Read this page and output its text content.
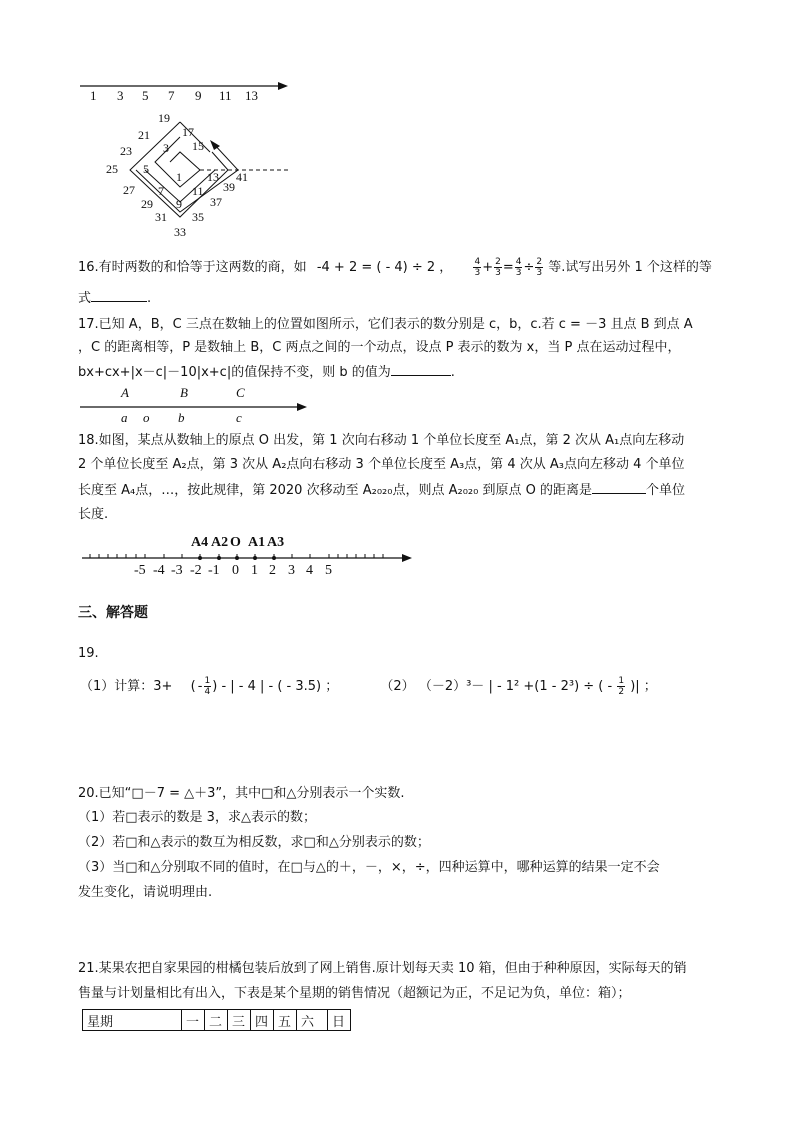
1 3 5 7 9 11 13
19
17
21
23	15
3
25 5
1 13 41
27 7 11 39
29 9 37
31 35
33
16.有时两数的和恰等于这两数的商，如 -4 + 2 = ( - 4) ÷ 2 ， $\frac{4}{3} + \frac{2}{3} = \frac{4}{3} \div \frac{2}{3}$ 等.试写出另外 1 个这样的等
式	.
17.已知 A，B，C 三点在数轴上的位置如图所示，它们表示的数分别是 c，b，c.若 c = －3 且点 B 到点 A
，C 的距离相等，P 是数轴上 B，C 两点之间的一个动点，设点 P 表示的数为 x，当 P 点在运动过程中，
bx+cx+|x－c|－10|x+c|的值保持不变，则 b 的值为	.
A	B	C
a o b	c
18.如图，某点从数轴上的原点 O 出发，第 1 次向右移动 1 个单位长度至 A₁点，第 2 次从 A₁点向左移动
2 个单位长度至 A₂点，第 3 次从 A₂点向右移动 3 个单位长度至 A₃点，第 4 次从 A₃点向左移动 4 个单位
长度至 A₄点，…，按此规律，第 2020 次移动至 A₂₀₂₀点，则点 A₂₀₂₀ 到原点 O 的距离是	个单位
长度.
A4 A2 O A1 A3
-5 -4 -3 -2 -1 0 1 2 3 4 5
三、解答题
19.
（1）计算：3+ ( - $\frac{1}{4}$ ) - | - 4 | - ( - 3.5) ；	（2） （－2）³－ | - 1² +(1 - 2³) ÷ ( - $\frac{1}{2}$ )| ；
20.已知“□－7 = △＋3”，其中□和△分别表示一个实数.
（1）若□表示的数是 3，求△表示的数；
（2）若□和△表示的数互为相反数，求□和△分别表示的数；
（3）当□和△分别取不同的值时，在□与△的＋，－，×，÷，四种运算中，哪种运算的结果一定不会
发生变化，请说明理由.
21.某果农把自家果园的柑橘包装后放到了网上销售.原计划每天卖 10 箱，但由于种种原因，实际每天的销
售量与计划量相比有出入，下表是某个星期的销售情况（超额记为正，不足记为负，单位：箱）；
星期	一	二	三	四	五	六	日
